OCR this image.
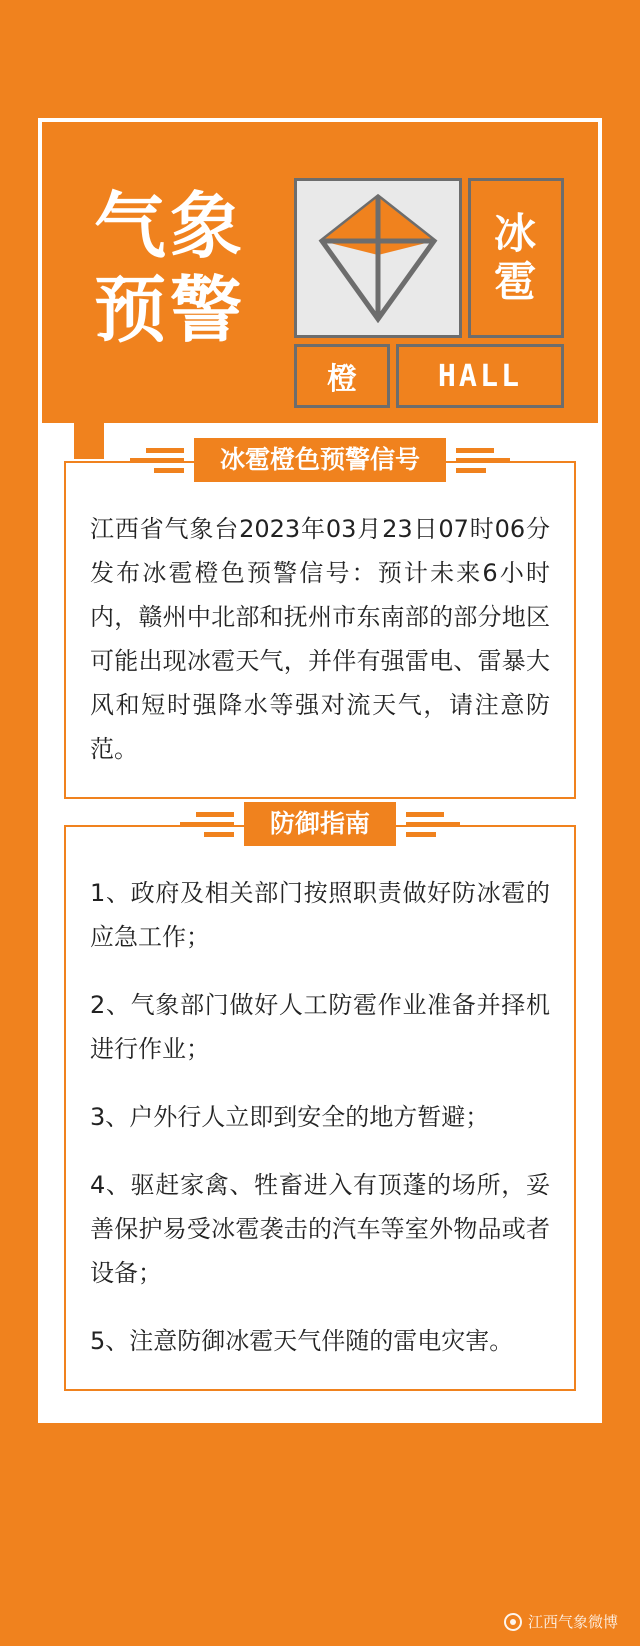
气象
预警
冰
雹
橙	HALL
冰雹橙色预警信号

江西省气象台2023年03月23日07时06分发布冰雹橙色预警信号：预计未来6小时内，赣州中北部和抚州市东南部的部分地区可能出现冰雹天气，并伴有强雷电、雷暴大风和短时强降水等强对流天气，请注意防范。

防御指南

1、政府及相关部门按照职责做好防冰雹的应急工作；

2、气象部门做好人工防雹作业准备并择机进行作业；

3、户外行人立即到安全的地方暂避；

4、驱赶家禽、牲畜进入有顶蓬的场所，妥善保护易受冰雹袭击的汽车等室外物品或者设备；

5、注意防御冰雹天气伴随的雷电灾害。

江西气象微博
